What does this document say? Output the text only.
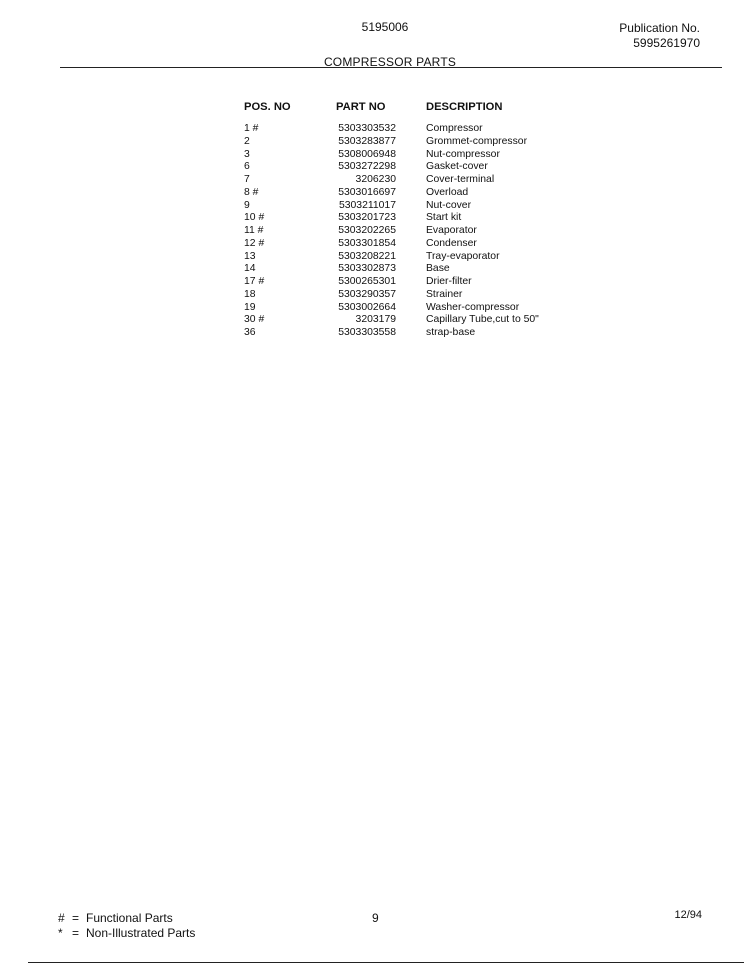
5195006	Publication No.
5995261970
COMPRESSOR PARTS
POS. NO	PART NO	DESCRIPTION
1 #	5303303532	Compressor
2	5303283877	Grommet-compressor
3	5308006948	Nut-compressor
6	5303272298	Gasket-cover
7	3206230	Cover-terminal
8 #	5303016697	Overload
9	5303211017	Nut-cover
10 #	5303201723	Start kit
11 #	5303202265	Evaporator
12 #	5303301854	Condenser
13	5303208221	Tray-evaporator
14	5303302873	Base
17 #	5300265301	Drier-filter
18	5303290357	Strainer
19	5303002664	Washer-compressor
30 #	3203179	Capillary Tube,cut to 50"
36	5303303558	strap-base
# = Functional Parts
* = Non-Illustrated Parts
9	12/94
